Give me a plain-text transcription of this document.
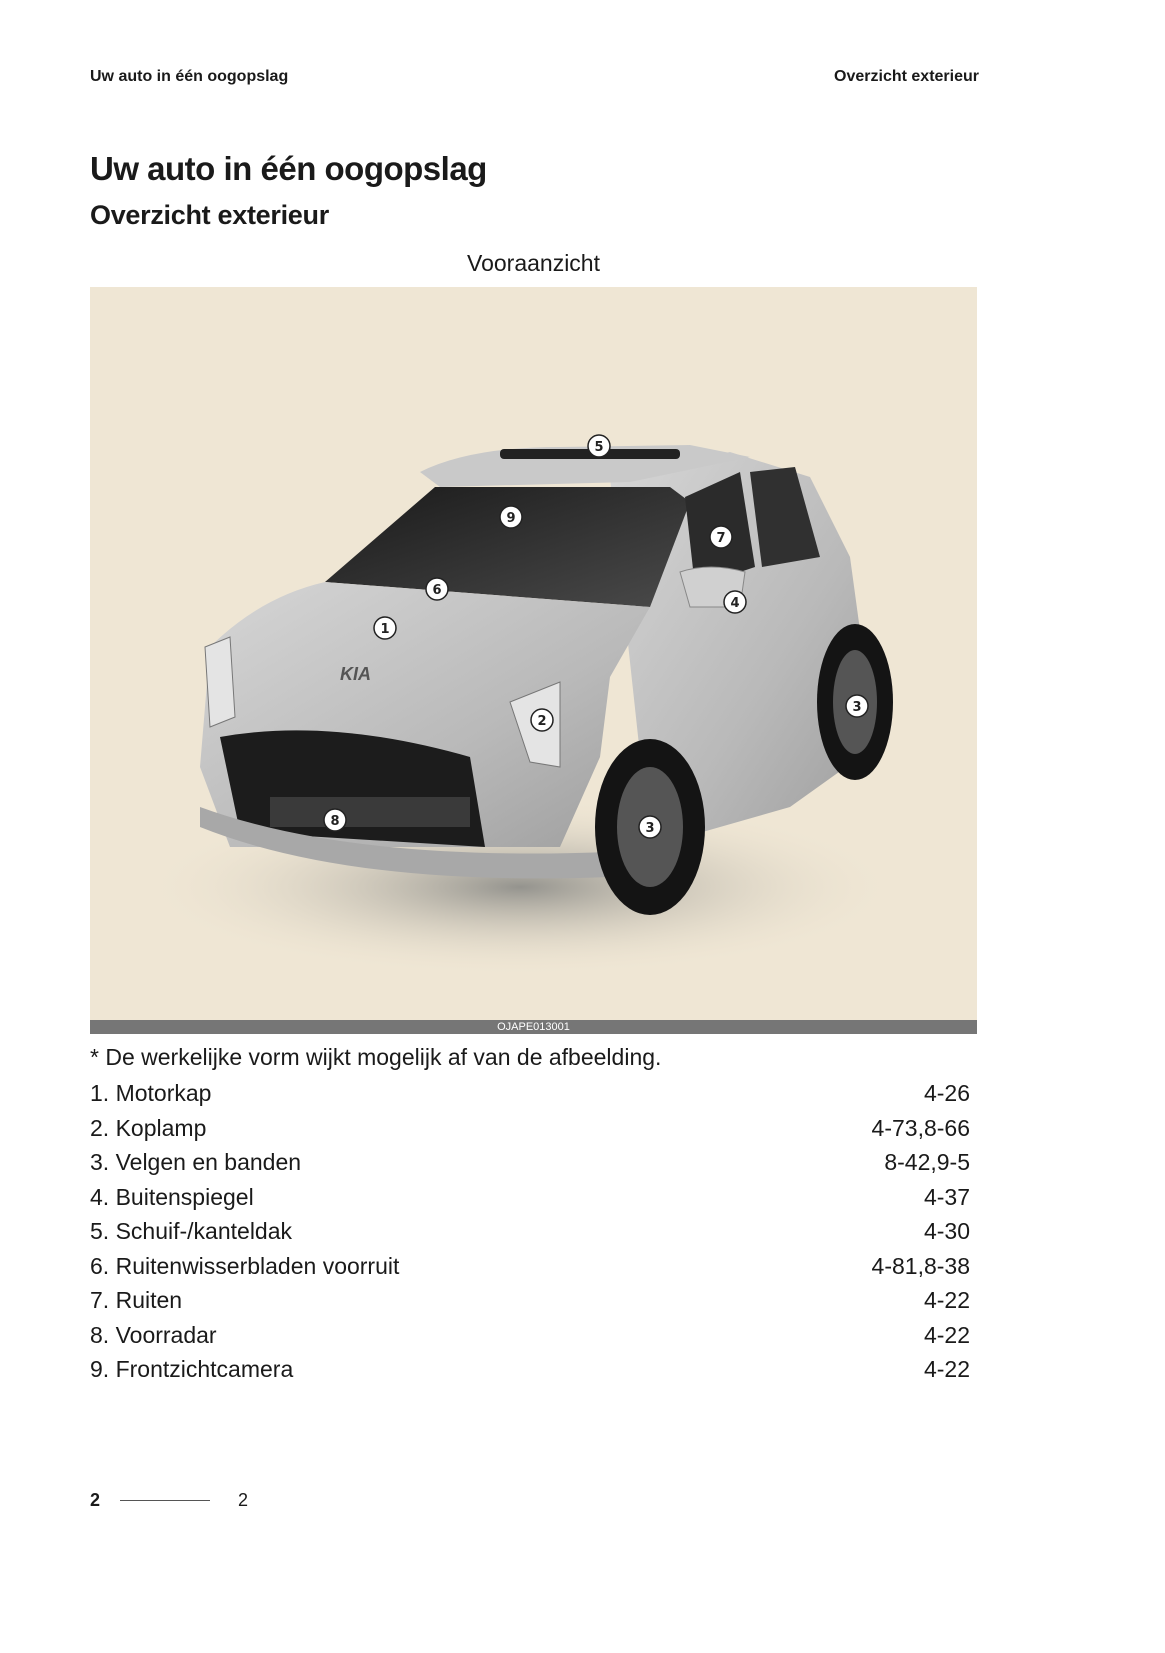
Uw auto in één oogopslag	Overzicht exterieur
Uw auto in één oogopslag
Overzicht exterieur
Vooraanzicht
KIA
1
2
3
3
4
5
6
7
8
9
OJAPE013001
* De werkelijke vorm wijkt mogelijk af van de afbeelding.
1. Motorkap	4-26
2. Koplamp	4-73,8-66
3. Velgen en banden	8-42,9-5
4. Buitenspiegel	4-37
5. Schuif-/kanteldak	4-30
6. Ruitenwisserbladen voorruit	4-81,8-38
7. Ruiten	4-22
8. Voorradar	4-22
9. Frontzichtcamera	4-22
2	2
